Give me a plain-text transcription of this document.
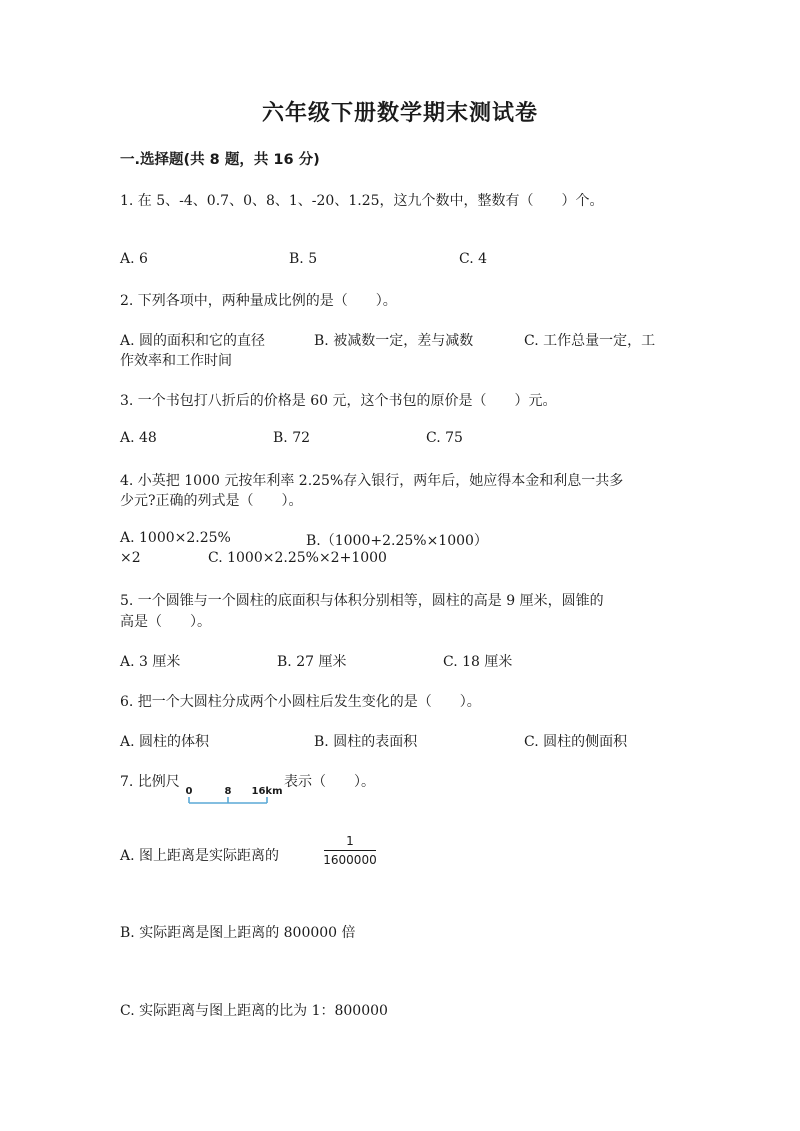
六年级下册数学期末测试卷
一.选择题(共 8 题，共 16 分)
1. 在 5、-4、0.7、0、8、1、-20、1.25，这九个数中，整数有（　　）个。
A. 6	B. 5	C. 4
2. 下列各项中，两种量成比例的是（　　）。
A. 圆的面积和它的直径	B. 被减数一定，差与减数	C. 工作总量一定，工
作效率和工作时间
3. 一个书包打八折后的价格是 60 元，这个书包的原价是（　　）元。
A. 48	B. 72	C. 75
4. 小英把 1000 元按年利率 2.25%存入银行，两年后，她应得本金和利息一共多
少元?正确的列式是（　　）。
A. 1000×2.25%	B.（1000+2.25%×1000）
×2	C. 1000×2.25%×2+1000
5. 一个圆锥与一个圆柱的底面积与体积分别相等，圆柱的高是 9 厘米，圆锥的
高是（　　）。
A. 3 厘米	B. 27 厘米	C. 18 厘米
6. 把一个大圆柱分成两个小圆柱后发生变化的是（　　）。
A. 圆柱的体积	B. 圆柱的表面积	C. 圆柱的侧面积
7. 比例尺	表示（　　）。
0	8 16km
A. 图上距离是实际距离的
1
1600000
B. 实际距离是图上距离的 800000 倍
C. 实际距离与图上距离的比为 1：800000
